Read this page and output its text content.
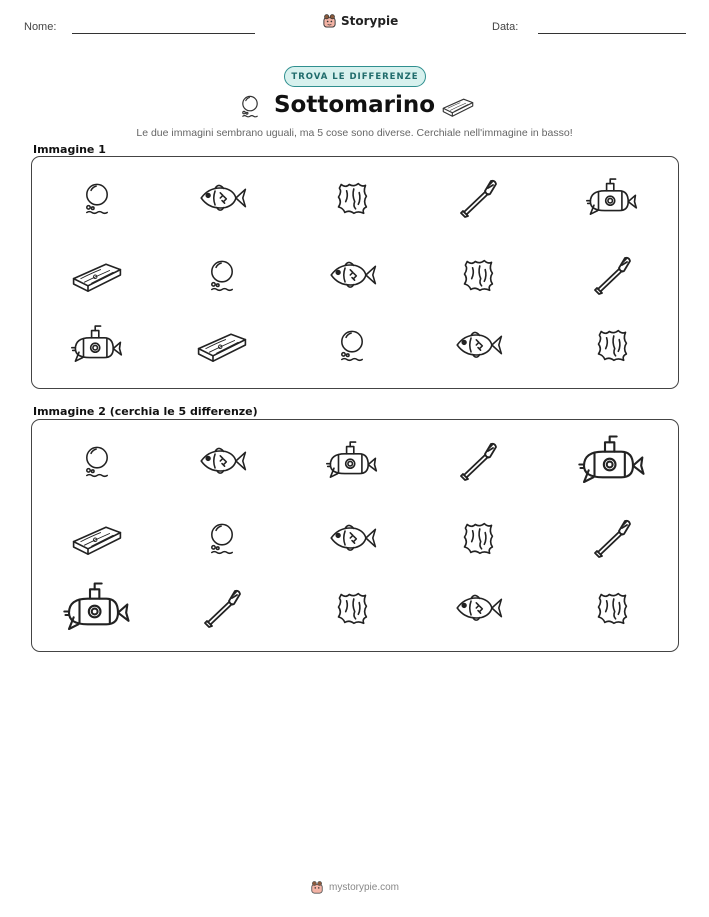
Nome:	Storypie	Data:
TROVA LE DIFFERENZE
Sottomarino
Le due immagini sembrano uguali, ma 5 cose sono diverse. Cerchiale nell'immagine in basso!
Immagine 1
Immagine 2 (cerchia le 5 differenze)
mystorypie.com
